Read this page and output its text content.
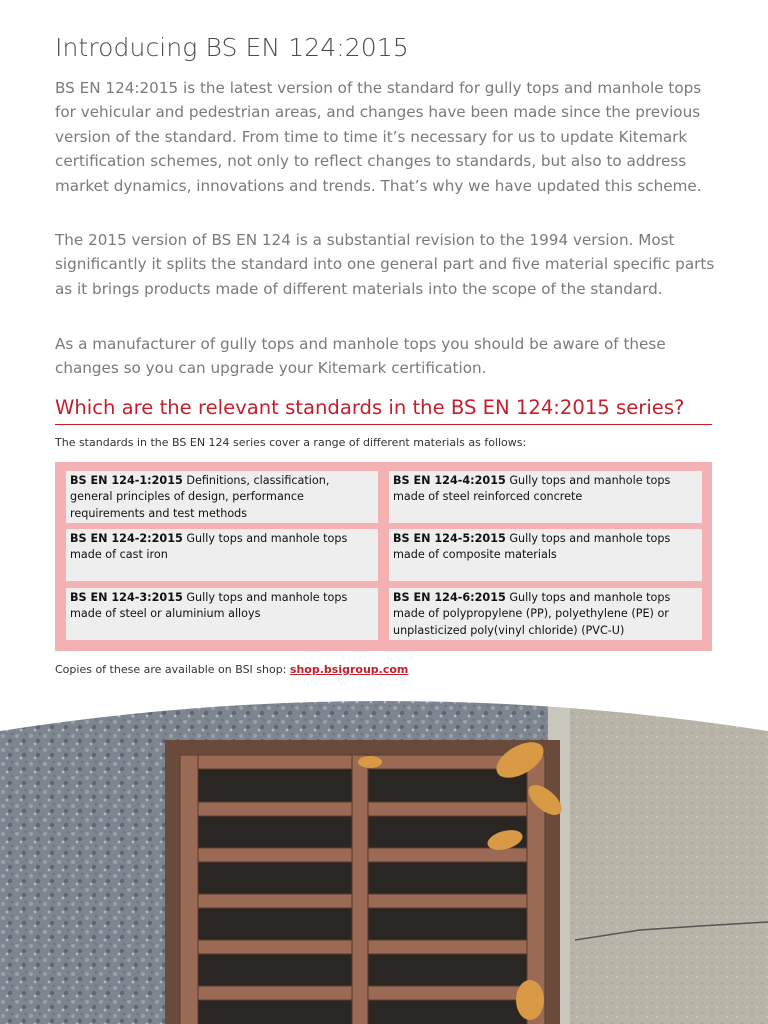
Introducing BS EN 124:2015

BS EN 124:2015 is the latest version of the standard for gully tops and manhole tops for vehicular and pedestrian areas, and changes have been made since the previous version of the standard. From time to time it’s necessary for us to update Kitemark certification schemes, not only to reflect changes to standards, but also to address market dynamics, innovations and trends. That’s why we have updated this scheme.

The 2015 version of BS EN 124 is a substantial revision to the 1994 version. Most significantly it splits the standard into one general part and five material specific parts as it brings products made of different materials into the scope of the standard.

As a manufacturer of gully tops and manhole tops you should be aware of these changes so you can upgrade your Kitemark certification.

Which are the relevant standards in the BS EN 124:2015 series?
The standards in the BS EN 124 series cover a range of different materials as follows:
BS EN 124-1:2015 Definitions, classification, general principles of design, performance requirements and test methods
BS EN 124-2:2015 Gully tops and manhole tops made of cast iron
BS EN 124-3:2015 Gully tops and manhole tops made of steel or aluminium alloys
BS EN 124-4:2015 Gully tops and manhole tops made of steel reinforced concrete
BS EN 124-5:2015 Gully tops and manhole tops made of composite materials
BS EN 124-6:2015 Gully tops and manhole tops made of polypropylene (PP), polyethylene (PE) or unplasticized poly(vinyl chloride) (PVC-U)
Copies of these are available on BSI shop: shop.bsigroup.com
